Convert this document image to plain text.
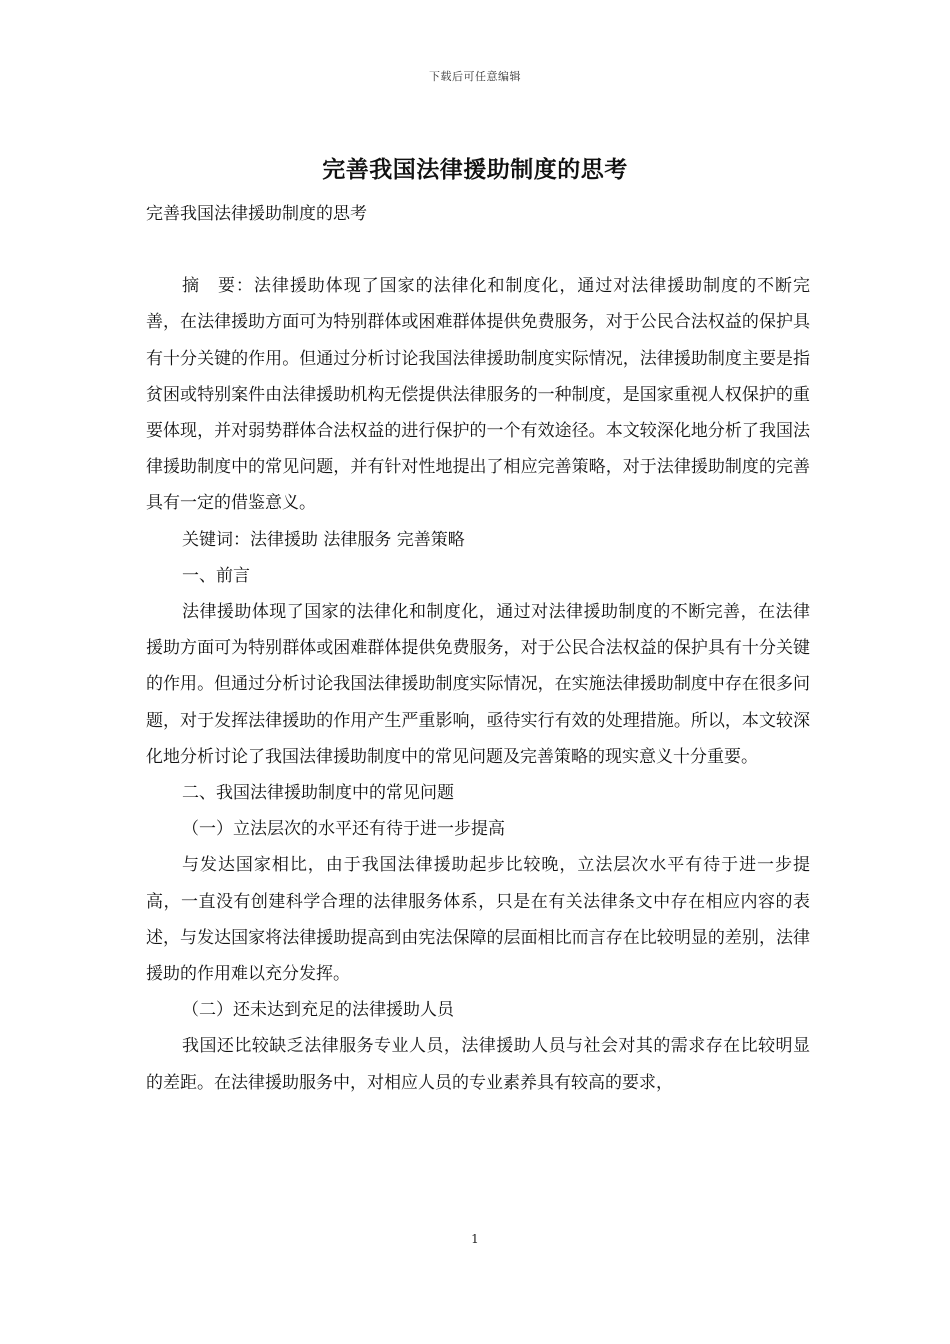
下载后可任意编辑
完善我国法律援助制度的思考

完善我国法律援助制度的思考

摘　要：法律援助体现了国家的法律化和制度化，通过对法律援助制度的不断完善，在法律援助方面可为特别群体或困难群体提供免费服务，对于公民合法权益的保护具有十分关键的作用。但通过分析讨论我国法律援助制度实际情况，法律援助制度主要是指贫困或特别案件由法律援助机构无偿提供法律服务的一种制度，是国家重视人权保护的重要体现，并对弱势群体合法权益的进行保护的一个有效途径。本文较深化地分析了我国法律援助制度中的常见问题，并有针对性地提出了相应完善策略，对于法律援助制度的完善具有一定的借鉴意义。

关键词：法律援助 法律服务 完善策略

一、前言

法律援助体现了国家的法律化和制度化，通过对法律援助制度的不断完善，在法律援助方面可为特别群体或困难群体提供免费服务，对于公民合法权益的保护具有十分关键的作用。但通过分析讨论我国法律援助制度实际情况，在实施法律援助制度中存在很多问题，对于发挥法律援助的作用产生严重影响，亟待实行有效的处理措施。所以，本文较深化地分析讨论了我国法律援助制度中的常见问题及完善策略的现实意义十分重要。

二、我国法律援助制度中的常见问题

（一）立法层次的水平还有待于进一步提高

与发达国家相比，由于我国法律援助起步比较晚，立法层次水平有待于进一步提高，一直没有创建科学合理的法律服务体系，只是在有关法律条文中存在相应内容的表述，与发达国家将法律援助提高到由宪法保障的层面相比而言存在比较明显的差别，法律援助的作用难以充分发挥。

（二）还未达到充足的法律援助人员

我国还比较缺乏法律服务专业人员，法律援助人员与社会对其的需求存在比较明显的差距。在法律援助服务中，对相应人员的专业素养具有较高的要求，

1
